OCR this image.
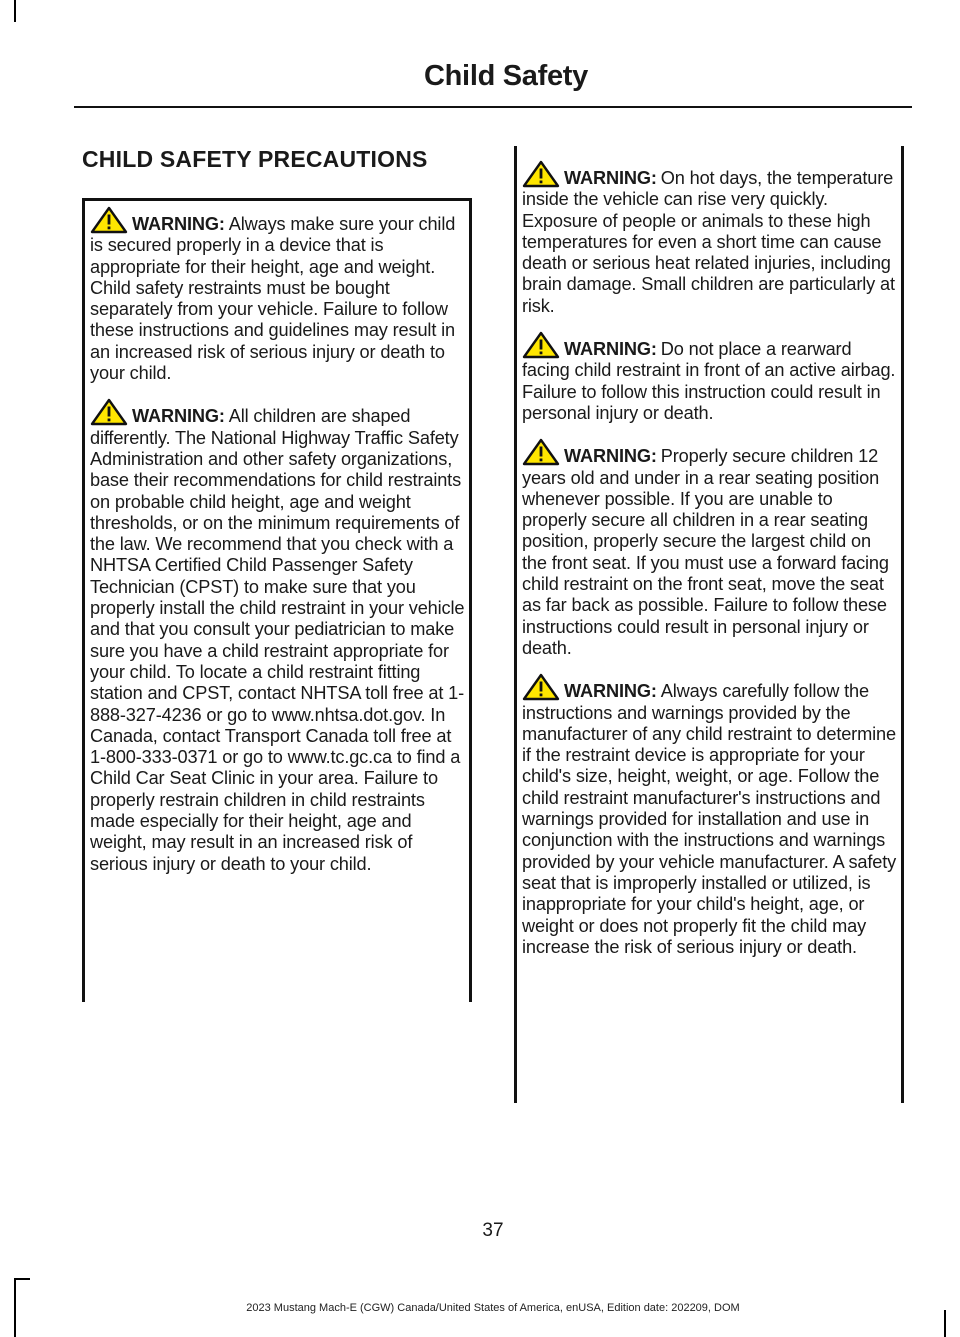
Child Safety
CHILD SAFETY PRECAUTIONS

WARNING: Always make sure your child is secured properly in a device that is appropriate for their height, age and weight. Child safety restraints must be bought separately from your vehicle. Failure to follow these instructions and guidelines may result in an increased risk of serious injury or death to your child.

WARNING: All children are shaped differently. The National Highway Traffic Safety Administration and other safety organizations, base their recommendations for child restraints on probable child height, age and weight thresholds, or on the minimum requirements of the law. We recommend that you check with a NHTSA Certified Child Passenger Safety Technician (CPST) to make sure that you properly install the child restraint in your vehicle and that you consult your pediatrician to make sure you have a child restraint appropriate for your child. To locate a child restraint fitting station and CPST, contact NHTSA toll free at 1-888-327-4236 or go to www.nhtsa.dot.gov. In Canada, contact Transport Canada toll free at 1-800-333-0371 or go to www.tc.gc.ca to find a Child Car Seat Clinic in your area. Failure to properly restrain children in child restraints made especially for their height, age and weight, may result in an increased risk of serious injury or death to your child.

WARNING: On hot days, the temperature inside the vehicle can rise very quickly. Exposure of people or animals to these high temperatures for even a short time can cause death or serious heat related injuries, including brain damage. Small children are particularly at risk.

WARNING: Do not place a rearward facing child restraint in front of an active airbag. Failure to follow this instruction could result in personal injury or death.

WARNING: Properly secure children 12 years old and under in a rear seating position whenever possible. If you are unable to properly secure all children in a rear seating position, properly secure the largest child on the front seat. If you must use a forward facing child restraint on the front seat, move the seat as far back as possible. Failure to follow these instructions could result in personal injury or death.

WARNING: Always carefully follow the instructions and warnings provided by the manufacturer of any child restraint to determine if the restraint device is appropriate for your child's size, height, weight, or age. Follow the child restraint manufacturer's instructions and warnings provided for installation and use in conjunction with the instructions and warnings provided by your vehicle manufacturer. A safety seat that is improperly installed or utilized, is inappropriate for your child's height, age, or weight or does not properly fit the child may increase the risk of serious injury or death.

37
2023 Mustang Mach-E (CGW) Canada/United States of America, enUSA, Edition date: 202209, DOM
